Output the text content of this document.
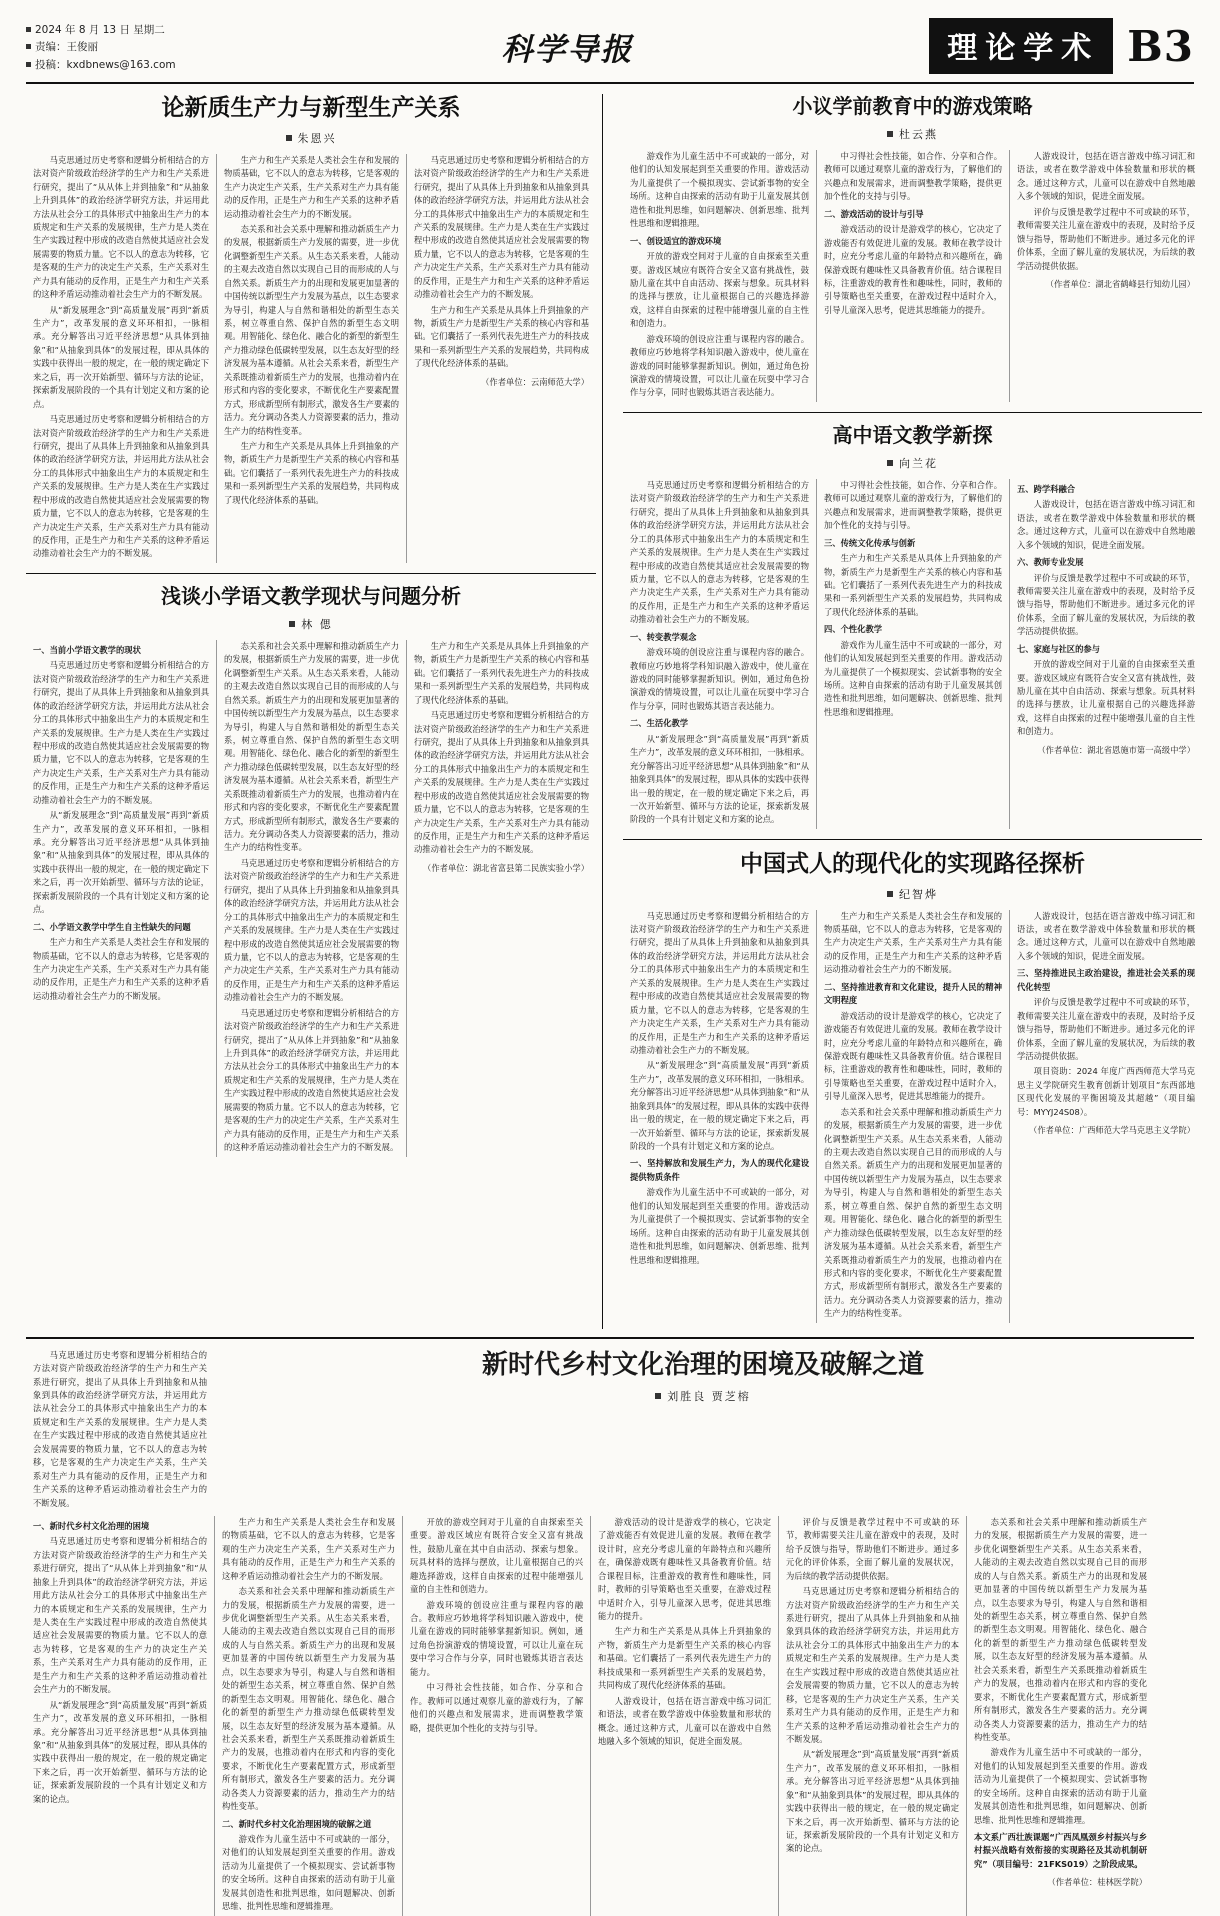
2024 年 8 月 13 日 星期二
责编：王俊丽
投稿：kxdbnews@163.com	科学导报	理论学术 B3
论新质生产力与新型生产关系
朱恩兴

马克思通过历史考察和逻辑分析相结合的方法对资产阶级政治经济学的生产力和生产关系进行研究，提出了“从从体上并到抽象”和“从抽象上升到具体”的政治经济学研究方法，并运用此方法从社会分工的具体形式中抽象出生产力的本质规定和生产关系的发展规律，生产力是人类在生产实践过程中形成的改造自然使其适应社会发展需要的物质力量。它不以人的意志为转移，它是客观的生产力的决定生产关系，生产关系对生产力具有能动的反作用，正是生产力和生产关系的这种矛盾运动推动着社会生产力的不断发展。

从“新发展理念”到“高质量发展”再到“新质生产力”，改革发展的意义环环相扣，一脉相承。充分解答出习近平经济思想“从具体到抽象”和“从抽象到具体”的发展过程，即从具体的实践中获得出一般的规定，在一般的规定确定下来之后，再一次开始新型、循环与方法的论证，探索新发展阶段的一个具有计划定义和方案的论点。

马克思通过历史考察和逻辑分析相结合的方法对资产阶级政治经济学的生产力和生产关系进行研究，提出了从具体上升到抽象和从抽象到具体的政治经济学研究方法，并运用此方法从社会分工的具体形式中抽象出生产力的本质规定和生产关系的发展规律。生产力是人类在生产实践过程中形成的改造自然使其适应社会发展需要的物质力量，它不以人的意志为转移，它是客观的生产力决定生产关系，生产关系对生产力具有能动的反作用，正是生产力和生产关系的这种矛盾运动推动着社会生产力的不断发展。

生产力和生产关系是人类社会生存和发展的物质基础，它不以人的意志为转移，它是客观的生产力决定生产关系，生产关系对生产力具有能动的反作用，正是生产力和生产关系的这种矛盾运动推动着社会生产力的不断发展。

态关系和社会关系中理解和推动新质生产力的发展，根据新质生产力发展的需要，进一步优化调整新型生产关系。从生态关系来看，人能动的主观去改造自然以实现自己目的而形成的人与自然关系。新质生产力的出现和发展更加显著的中国传统以新型生产力发展为基点，以生态要求为导引，构建人与自然和谐相处的新型生态关系，树立尊重自然、保护自然的新型生态文明观。用智能化、绿色化、融合化的新型的新型生产力推动绿色低碳转型发展，以生态友好型的经济发展为基本遵循。从社会关系来看，新型生产关系既推动着新质生产力的发展，也推动着内在形式和内容的变化要求，不断优化生产要素配置方式，形成新型所有制形式，激发各生产要素的活力。充分调动各类人力资源要素的活力，推动生产力的结构性变革。

生产力和生产关系是从具体上升到抽象的产物，新质生产力是新型生产关系的核心内容和基础。它们囊括了一系列代表先进生产力的科技成果和一系列新型生产关系的发展趋势，共同构成了现代化经济体系的基础。

马克思通过历史考察和逻辑分析相结合的方法对资产阶级政治经济学的生产力和生产关系进行研究，提出了从具体上升到抽象和从抽象到具体的政治经济学研究方法，并运用此方法从社会分工的具体形式中抽象出生产力的本质规定和生产关系的发展规律。生产力是人类在生产实践过程中形成的改造自然使其适应社会发展需要的物质力量，它不以人的意志为转移，它是客观的生产力决定生产关系，生产关系对生产力具有能动的反作用，正是生产力和生产关系的这种矛盾运动推动着社会生产力的不断发展。

生产力和生产关系是从具体上升到抽象的产物，新质生产力是新型生产关系的核心内容和基础。它们囊括了一系列代表先进生产力的科技成果和一系列新型生产关系的发展趋势，共同构成了现代化经济体系的基础。

（作者单位：云南师范大学）

浅谈小学语文教学现状与问题分析
林 偲

一、当前小学语文教学的现状

马克思通过历史考察和逻辑分析相结合的方法对资产阶级政治经济学的生产力和生产关系进行研究，提出了从具体上升到抽象和从抽象到具体的政治经济学研究方法，并运用此方法从社会分工的具体形式中抽象出生产力的本质规定和生产关系的发展规律。生产力是人类在生产实践过程中形成的改造自然使其适应社会发展需要的物质力量，它不以人的意志为转移，它是客观的生产力决定生产关系，生产关系对生产力具有能动的反作用，正是生产力和生产关系的这种矛盾运动推动着社会生产力的不断发展。

从“新发展理念”到“高质量发展”再到“新质生产力”，改革发展的意义环环相扣，一脉相承。充分解答出习近平经济思想“从具体到抽象”和“从抽象到具体”的发展过程，即从具体的实践中获得出一般的规定，在一般的规定确定下来之后，再一次开始新型、循环与方法的论证，探索新发展阶段的一个具有计划定义和方案的论点。

二、小学语文教学中学生自主性缺失的问题

生产力和生产关系是人类社会生存和发展的物质基础，它不以人的意志为转移，它是客观的生产力决定生产关系，生产关系对生产力具有能动的反作用，正是生产力和生产关系的这种矛盾运动推动着社会生产力的不断发展。

态关系和社会关系中理解和推动新质生产力的发展，根据新质生产力发展的需要，进一步优化调整新型生产关系。从生态关系来看，人能动的主观去改造自然以实现自己目的而形成的人与自然关系。新质生产力的出现和发展更加显著的中国传统以新型生产力发展为基点，以生态要求为导引，构建人与自然和谐相处的新型生态关系，树立尊重自然、保护自然的新型生态文明观。用智能化、绿色化、融合化的新型的新型生产力推动绿色低碳转型发展，以生态友好型的经济发展为基本遵循。从社会关系来看，新型生产关系既推动着新质生产力的发展，也推动着内在形式和内容的变化要求，不断优化生产要素配置方式，形成新型所有制形式，激发各生产要素的活力。充分调动各类人力资源要素的活力，推动生产力的结构性变革。

马克思通过历史考察和逻辑分析相结合的方法对资产阶级政治经济学的生产力和生产关系进行研究，提出了从具体上升到抽象和从抽象到具体的政治经济学研究方法，并运用此方法从社会分工的具体形式中抽象出生产力的本质规定和生产关系的发展规律。生产力是人类在生产实践过程中形成的改造自然使其适应社会发展需要的物质力量，它不以人的意志为转移，它是客观的生产力决定生产关系，生产关系对生产力具有能动的反作用，正是生产力和生产关系的这种矛盾运动推动着社会生产力的不断发展。

马克思通过历史考察和逻辑分析相结合的方法对资产阶级政治经济学的生产力和生产关系进行研究，提出了“从从体上并到抽象”和“从抽象上升到具体”的政治经济学研究方法，并运用此方法从社会分工的具体形式中抽象出生产力的本质规定和生产关系的发展规律，生产力是人类在生产实践过程中形成的改造自然使其适应社会发展需要的物质力量。它不以人的意志为转移，它是客观的生产力的决定生产关系，生产关系对生产力具有能动的反作用，正是生产力和生产关系的这种矛盾运动推动着社会生产力的不断发展。

生产力和生产关系是从具体上升到抽象的产物，新质生产力是新型生产关系的核心内容和基础。它们囊括了一系列代表先进生产力的科技成果和一系列新型生产关系的发展趋势，共同构成了现代化经济体系的基础。

马克思通过历史考察和逻辑分析相结合的方法对资产阶级政治经济学的生产力和生产关系进行研究，提出了从具体上升到抽象和从抽象到具体的政治经济学研究方法，并运用此方法从社会分工的具体形式中抽象出生产力的本质规定和生产关系的发展规律。生产力是人类在生产实践过程中形成的改造自然使其适应社会发展需要的物质力量，它不以人的意志为转移，它是客观的生产力决定生产关系，生产关系对生产力具有能动的反作用，正是生产力和生产关系的这种矛盾运动推动着社会生产力的不断发展。

（作者单位：湖北省富县第二民族实验小学）

小议学前教育中的游戏策略
杜云燕

游戏作为儿童生活中不可或缺的一部分，对他们的认知发展起到至关重要的作用。游戏活动为儿童提供了一个模拟现实、尝试新事物的安全场所。这种自由探索的活动有助于儿童发展其创造性和批判思维，如问题解决、创新思维、批判性思维和逻辑推理。

一、创设适宜的游戏环境

开放的游戏空间对于儿童的自由探索至关重要。游戏区域应有既符合安全又富有挑战性，鼓励儿童在其中自由活动、探索与想象。玩具材料的选择与摆放，让儿童根据自己的兴趣选择游戏，这样自由探索的过程中能增强儿童的自主性和创造力。

游戏环境的创设应注重与课程内容的融合。教师应巧妙地将学科知识融入游戏中，使儿童在游戏的同时能够掌握新知识。例如，通过角色扮演游戏的情境设置，可以让儿童在玩耍中学习合作与分享，同时也锻炼其语言表达能力。

中习得社会性技能，如合作、分享和合作。教师可以通过观察儿童的游戏行为，了解他们的兴趣点和发展需求，进而调整教学策略，提供更加个性化的支持与引导。

二、游戏活动的设计与引导

游戏活动的设计是游戏学的核心，它决定了游戏能否有效促进儿童的发展。教师在教学设计时，应充分考虑儿童的年龄特点和兴趣所在，确保游戏既有趣味性又具备教育价值。结合课程目标，注重游戏的教育性和趣味性，同时，教师的引导策略也至关重要，在游戏过程中适时介入，引导儿童深入思考，促进其思维能力的提升。

人游戏设计，包括在语言游戏中练习词汇和语法，或者在数学游戏中体验数量和形状的概念。通过这种方式，儿童可以在游戏中自然地融入多个领域的知识，促进全面发展。

评价与反馈是教学过程中不可或缺的环节，教师需要关注儿童在游戏中的表现，及时给予反馈与指导，帮助他们不断进步。通过多元化的评价体系，全面了解儿童的发展状况，为后续的教学活动提供依据。

（作者单位：湖北省鹤峰县行知幼儿园）

高中语文教学新探
向兰花

马克思通过历史考察和逻辑分析相结合的方法对资产阶级政治经济学的生产力和生产关系进行研究，提出了从具体上升到抽象和从抽象到具体的政治经济学研究方法，并运用此方法从社会分工的具体形式中抽象出生产力的本质规定和生产关系的发展规律。生产力是人类在生产实践过程中形成的改造自然使其适应社会发展需要的物质力量，它不以人的意志为转移，它是客观的生产力决定生产关系，生产关系对生产力具有能动的反作用，正是生产力和生产关系的这种矛盾运动推动着社会生产力的不断发展。

一、转变教学观念

游戏环境的创设应注重与课程内容的融合。教师应巧妙地将学科知识融入游戏中，使儿童在游戏的同时能够掌握新知识。例如，通过角色扮演游戏的情境设置，可以让儿童在玩耍中学习合作与分享，同时也锻炼其语言表达能力。

二、生活化教学

从“新发展理念”到“高质量发展”再到“新质生产力”，改革发展的意义环环相扣，一脉相承。充分解答出习近平经济思想“从具体到抽象”和“从抽象到具体”的发展过程，即从具体的实践中获得出一般的规定，在一般的规定确定下来之后，再一次开始新型、循环与方法的论证，探索新发展阶段的一个具有计划定义和方案的论点。

中习得社会性技能，如合作、分享和合作。教师可以通过观察儿童的游戏行为，了解他们的兴趣点和发展需求，进而调整教学策略，提供更加个性化的支持与引导。

三、传统文化传承与创新

生产力和生产关系是从具体上升到抽象的产物，新质生产力是新型生产关系的核心内容和基础。它们囊括了一系列代表先进生产力的科技成果和一系列新型生产关系的发展趋势，共同构成了现代化经济体系的基础。

四、个性化教学

游戏作为儿童生活中不可或缺的一部分，对他们的认知发展起到至关重要的作用。游戏活动为儿童提供了一个模拟现实、尝试新事物的安全场所。这种自由探索的活动有助于儿童发展其创造性和批判思维，如问题解决、创新思维、批判性思维和逻辑推理。

五、跨学科融合

人游戏设计，包括在语言游戏中练习词汇和语法，或者在数学游戏中体验数量和形状的概念。通过这种方式，儿童可以在游戏中自然地融入多个领域的知识，促进全面发展。

六、教师专业发展

评价与反馈是教学过程中不可或缺的环节，教师需要关注儿童在游戏中的表现，及时给予反馈与指导，帮助他们不断进步。通过多元化的评价体系，全面了解儿童的发展状况，为后续的教学活动提供依据。

七、家庭与社区的参与

开放的游戏空间对于儿童的自由探索至关重要。游戏区域应有既符合安全又富有挑战性，鼓励儿童在其中自由活动、探索与想象。玩具材料的选择与摆放，让儿童根据自己的兴趣选择游戏，这样自由探索的过程中能增强儿童的自主性和创造力。

（作者单位：湖北省恩施市第一高级中学）

中国式人的现代化的实现路径探析
纪智烨

马克思通过历史考察和逻辑分析相结合的方法对资产阶级政治经济学的生产力和生产关系进行研究，提出了从具体上升到抽象和从抽象到具体的政治经济学研究方法，并运用此方法从社会分工的具体形式中抽象出生产力的本质规定和生产关系的发展规律。生产力是人类在生产实践过程中形成的改造自然使其适应社会发展需要的物质力量，它不以人的意志为转移，它是客观的生产力决定生产关系，生产关系对生产力具有能动的反作用，正是生产力和生产关系的这种矛盾运动推动着社会生产力的不断发展。

从“新发展理念”到“高质量发展”再到“新质生产力”，改革发展的意义环环相扣，一脉相承。充分解答出习近平经济思想“从具体到抽象”和“从抽象到具体”的发展过程，即从具体的实践中获得出一般的规定，在一般的规定确定下来之后，再一次开始新型、循环与方法的论证，探索新发展阶段的一个具有计划定义和方案的论点。

一、坚持解放和发展生产力，为人的现代化建设提供物质条件

游戏作为儿童生活中不可或缺的一部分，对他们的认知发展起到至关重要的作用。游戏活动为儿童提供了一个模拟现实、尝试新事物的安全场所。这种自由探索的活动有助于儿童发展其创造性和批判思维，如问题解决、创新思维、批判性思维和逻辑推理。

生产力和生产关系是人类社会生存和发展的物质基础，它不以人的意志为转移，它是客观的生产力决定生产关系，生产关系对生产力具有能动的反作用，正是生产力和生产关系的这种矛盾运动推动着社会生产力的不断发展。

二、坚持推进教育和文化建设，提升人民的精神文明程度

游戏活动的设计是游戏学的核心，它决定了游戏能否有效促进儿童的发展。教师在教学设计时，应充分考虑儿童的年龄特点和兴趣所在，确保游戏既有趣味性又具备教育价值。结合课程目标，注重游戏的教育性和趣味性，同时，教师的引导策略也至关重要，在游戏过程中适时介入，引导儿童深入思考，促进其思维能力的提升。

态关系和社会关系中理解和推动新质生产力的发展，根据新质生产力发展的需要，进一步优化调整新型生产关系。从生态关系来看，人能动的主观去改造自然以实现自己目的而形成的人与自然关系。新质生产力的出现和发展更加显著的中国传统以新型生产力发展为基点，以生态要求为导引，构建人与自然和谐相处的新型生态关系，树立尊重自然、保护自然的新型生态文明观。用智能化、绿色化、融合化的新型的新型生产力推动绿色低碳转型发展，以生态友好型的经济发展为基本遵循。从社会关系来看，新型生产关系既推动着新质生产力的发展，也推动着内在形式和内容的变化要求，不断优化生产要素配置方式，形成新型所有制形式，激发各生产要素的活力。充分调动各类人力资源要素的活力，推动生产力的结构性变革。

人游戏设计，包括在语言游戏中练习词汇和语法，或者在数学游戏中体验数量和形状的概念。通过这种方式，儿童可以在游戏中自然地融入多个领域的知识，促进全面发展。

三、坚持推进民主政治建设，推进社会关系的现代化转型

评价与反馈是教学过程中不可或缺的环节，教师需要关注儿童在游戏中的表现，及时给予反馈与指导，帮助他们不断进步。通过多元化的评价体系，全面了解儿童的发展状况，为后续的教学活动提供依据。

项目资助：2024 年度广西西师范大学马克思主义学院研究生教育创新计划项目“东西部地区现代化发展的平衡困境及其超越”（项目编号：MYYJ24S08）。

（作者单位：广西师范大学马克思主义学院）

马克思通过历史考察和逻辑分析相结合的方法对资产阶级政治经济学的生产力和生产关系进行研究，提出了从具体上升到抽象和从抽象到具体的政治经济学研究方法，并运用此方法从社会分工的具体形式中抽象出生产力的本质规定和生产关系的发展规律。生产力是人类在生产实践过程中形成的改造自然使其适应社会发展需要的物质力量，它不以人的意志为转移，它是客观的生产力决定生产关系，生产关系对生产力具有能动的反作用，正是生产力和生产关系的这种矛盾运动推动着社会生产力的不断发展。

新时代乡村文化治理的困境及破解之道
刘胜良 贾芝榕

一、新时代乡村文化治理的困境

马克思通过历史考察和逻辑分析相结合的方法对资产阶级政治经济学的生产力和生产关系进行研究，提出了“从从体上并到抽象”和“从抽象上升到具体”的政治经济学研究方法，并运用此方法从社会分工的具体形式中抽象出生产力的本质规定和生产关系的发展规律，生产力是人类在生产实践过程中形成的改造自然使其适应社会发展需要的物质力量。它不以人的意志为转移，它是客观的生产力的决定生产关系，生产关系对生产力具有能动的反作用，正是生产力和生产关系的这种矛盾运动推动着社会生产力的不断发展。

从“新发展理念”到“高质量发展”再到“新质生产力”，改革发展的意义环环相扣，一脉相承。充分解答出习近平经济思想“从具体到抽象”和“从抽象到具体”的发展过程，即从具体的实践中获得出一般的规定，在一般的规定确定下来之后，再一次开始新型、循环与方法的论证，探索新发展阶段的一个具有计划定义和方案的论点。

生产力和生产关系是人类社会生存和发展的物质基础，它不以人的意志为转移，它是客观的生产力决定生产关系，生产关系对生产力具有能动的反作用，正是生产力和生产关系的这种矛盾运动推动着社会生产力的不断发展。

态关系和社会关系中理解和推动新质生产力的发展，根据新质生产力发展的需要，进一步优化调整新型生产关系。从生态关系来看，人能动的主观去改造自然以实现自己目的而形成的人与自然关系。新质生产力的出现和发展更加显著的中国传统以新型生产力发展为基点，以生态要求为导引，构建人与自然和谐相处的新型生态关系，树立尊重自然、保护自然的新型生态文明观。用智能化、绿色化、融合化的新型的新型生产力推动绿色低碳转型发展，以生态友好型的经济发展为基本遵循。从社会关系来看，新型生产关系既推动着新质生产力的发展，也推动着内在形式和内容的变化要求，不断优化生产要素配置方式，形成新型所有制形式，激发各生产要素的活力。充分调动各类人力资源要素的活力，推动生产力的结构性变革。

二、新时代乡村文化治理困境的破解之道

游戏作为儿童生活中不可或缺的一部分，对他们的认知发展起到至关重要的作用。游戏活动为儿童提供了一个模拟现实、尝试新事物的安全场所。这种自由探索的活动有助于儿童发展其创造性和批判思维，如问题解决、创新思维、批判性思维和逻辑推理。

开放的游戏空间对于儿童的自由探索至关重要。游戏区域应有既符合安全又富有挑战性，鼓励儿童在其中自由活动、探索与想象。玩具材料的选择与摆放，让儿童根据自己的兴趣选择游戏，这样自由探索的过程中能增强儿童的自主性和创造力。

游戏环境的创设应注重与课程内容的融合。教师应巧妙地将学科知识融入游戏中，使儿童在游戏的同时能够掌握新知识。例如，通过角色扮演游戏的情境设置，可以让儿童在玩耍中学习合作与分享，同时也锻炼其语言表达能力。

中习得社会性技能，如合作、分享和合作。教师可以通过观察儿童的游戏行为，了解他们的兴趣点和发展需求，进而调整教学策略，提供更加个性化的支持与引导。

游戏活动的设计是游戏学的核心，它决定了游戏能否有效促进儿童的发展。教师在教学设计时，应充分考虑儿童的年龄特点和兴趣所在，确保游戏既有趣味性又具备教育价值。结合课程目标，注重游戏的教育性和趣味性，同时，教师的引导策略也至关重要，在游戏过程中适时介入，引导儿童深入思考，促进其思维能力的提升。

生产力和生产关系是从具体上升到抽象的产物，新质生产力是新型生产关系的核心内容和基础。它们囊括了一系列代表先进生产力的科技成果和一系列新型生产关系的发展趋势，共同构成了现代化经济体系的基础。

人游戏设计，包括在语言游戏中练习词汇和语法，或者在数学游戏中体验数量和形状的概念。通过这种方式，儿童可以在游戏中自然地融入多个领域的知识，促进全面发展。

评价与反馈是教学过程中不可或缺的环节，教师需要关注儿童在游戏中的表现，及时给予反馈与指导，帮助他们不断进步。通过多元化的评价体系，全面了解儿童的发展状况，为后续的教学活动提供依据。

马克思通过历史考察和逻辑分析相结合的方法对资产阶级政治经济学的生产力和生产关系进行研究，提出了从具体上升到抽象和从抽象到具体的政治经济学研究方法，并运用此方法从社会分工的具体形式中抽象出生产力的本质规定和生产关系的发展规律。生产力是人类在生产实践过程中形成的改造自然使其适应社会发展需要的物质力量，它不以人的意志为转移，它是客观的生产力决定生产关系，生产关系对生产力具有能动的反作用，正是生产力和生产关系的这种矛盾运动推动着社会生产力的不断发展。

从“新发展理念”到“高质量发展”再到“新质生产力”，改革发展的意义环环相扣，一脉相承。充分解答出习近平经济思想“从具体到抽象”和“从抽象到具体”的发展过程，即从具体的实践中获得出一般的规定，在一般的规定确定下来之后，再一次开始新型、循环与方法的论证，探索新发展阶段的一个具有计划定义和方案的论点。

态关系和社会关系中理解和推动新质生产力的发展，根据新质生产力发展的需要，进一步优化调整新型生产关系。从生态关系来看，人能动的主观去改造自然以实现自己目的而形成的人与自然关系。新质生产力的出现和发展更加显著的中国传统以新型生产力发展为基点，以生态要求为导引，构建人与自然和谐相处的新型生态关系，树立尊重自然、保护自然的新型生态文明观。用智能化、绿色化、融合化的新型的新型生产力推动绿色低碳转型发展，以生态友好型的经济发展为基本遵循。从社会关系来看，新型生产关系既推动着新质生产力的发展，也推动着内在形式和内容的变化要求，不断优化生产要素配置方式，形成新型所有制形式，激发各生产要素的活力。充分调动各类人力资源要素的活力，推动生产力的结构性变革。

游戏作为儿童生活中不可或缺的一部分，对他们的认知发展起到至关重要的作用。游戏活动为儿童提供了一个模拟现实、尝试新事物的安全场所。这种自由探索的活动有助于儿童发展其创造性和批判思维，如问题解决、创新思维、批判性思维和逻辑推理。

本文系广西壮族课题“广西凤凰颈乡村振兴与乡村振兴战略有效衔接的实现路径及其动机制研究”（项目编号：21FKS019）之阶段成果。

（作者单位：桂林医学院）
